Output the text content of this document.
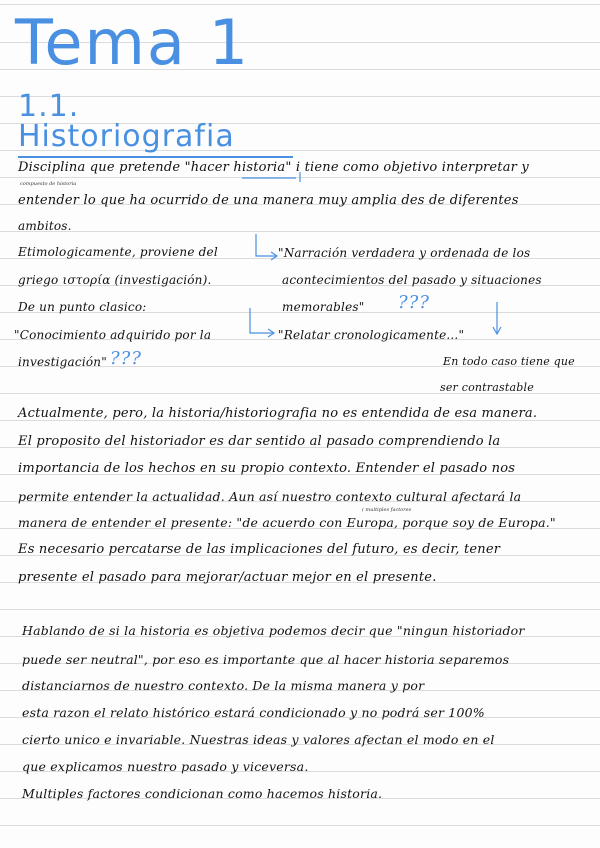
Tema 1
1.1. Historiografia
Disciplina que pretende "hacer historia" i tiene como objetivo interpretar y
compuesto de historia
entender lo que ha ocurrido de una manera muy amplia des de diferentes
ambitos.
Etimologicamente, proviene del
griego ιστορία (investigación).
De un punto clasico:
"Conocimiento adquirido por la
investigación" ???
"Narración verdadera y ordenada de los
acontecimientos del pasado y situaciones
memorables" ???
"Relatar cronologicamente..."
En todo caso tiene que
ser contrastable
Actualmente, pero, la historia/historiografia no es entendida de esa manera.
El proposito del historiador es dar sentido al pasado comprendiendo la
importancia de los hechos en su propio contexto. Entender el pasado nos
permite entender la actualidad. Aun así nuestro contexto cultural afectará la
( multiples factores
manera de entender el presente: "de acuerdo con Europa, porque soy de Europa."
Es necesario percatarse de las implicaciones del futuro, es decir, tener
presente el pasado para mejorar/actuar mejor en el presente.
Hablando de si la historia es objetiva podemos decir que "ningun historiador
puede ser neutral", por eso es importante que al hacer historia separemos
distanciarnos de nuestro contexto. De la misma manera y por
esta razon el relato histórico estará condicionado y no podrá ser 100%
cierto unico e invariable. Nuestras ideas y valores afectan el modo en el
que explicamos nuestro pasado y viceversa.
Multiples factores condicionan como hacemos historia.
